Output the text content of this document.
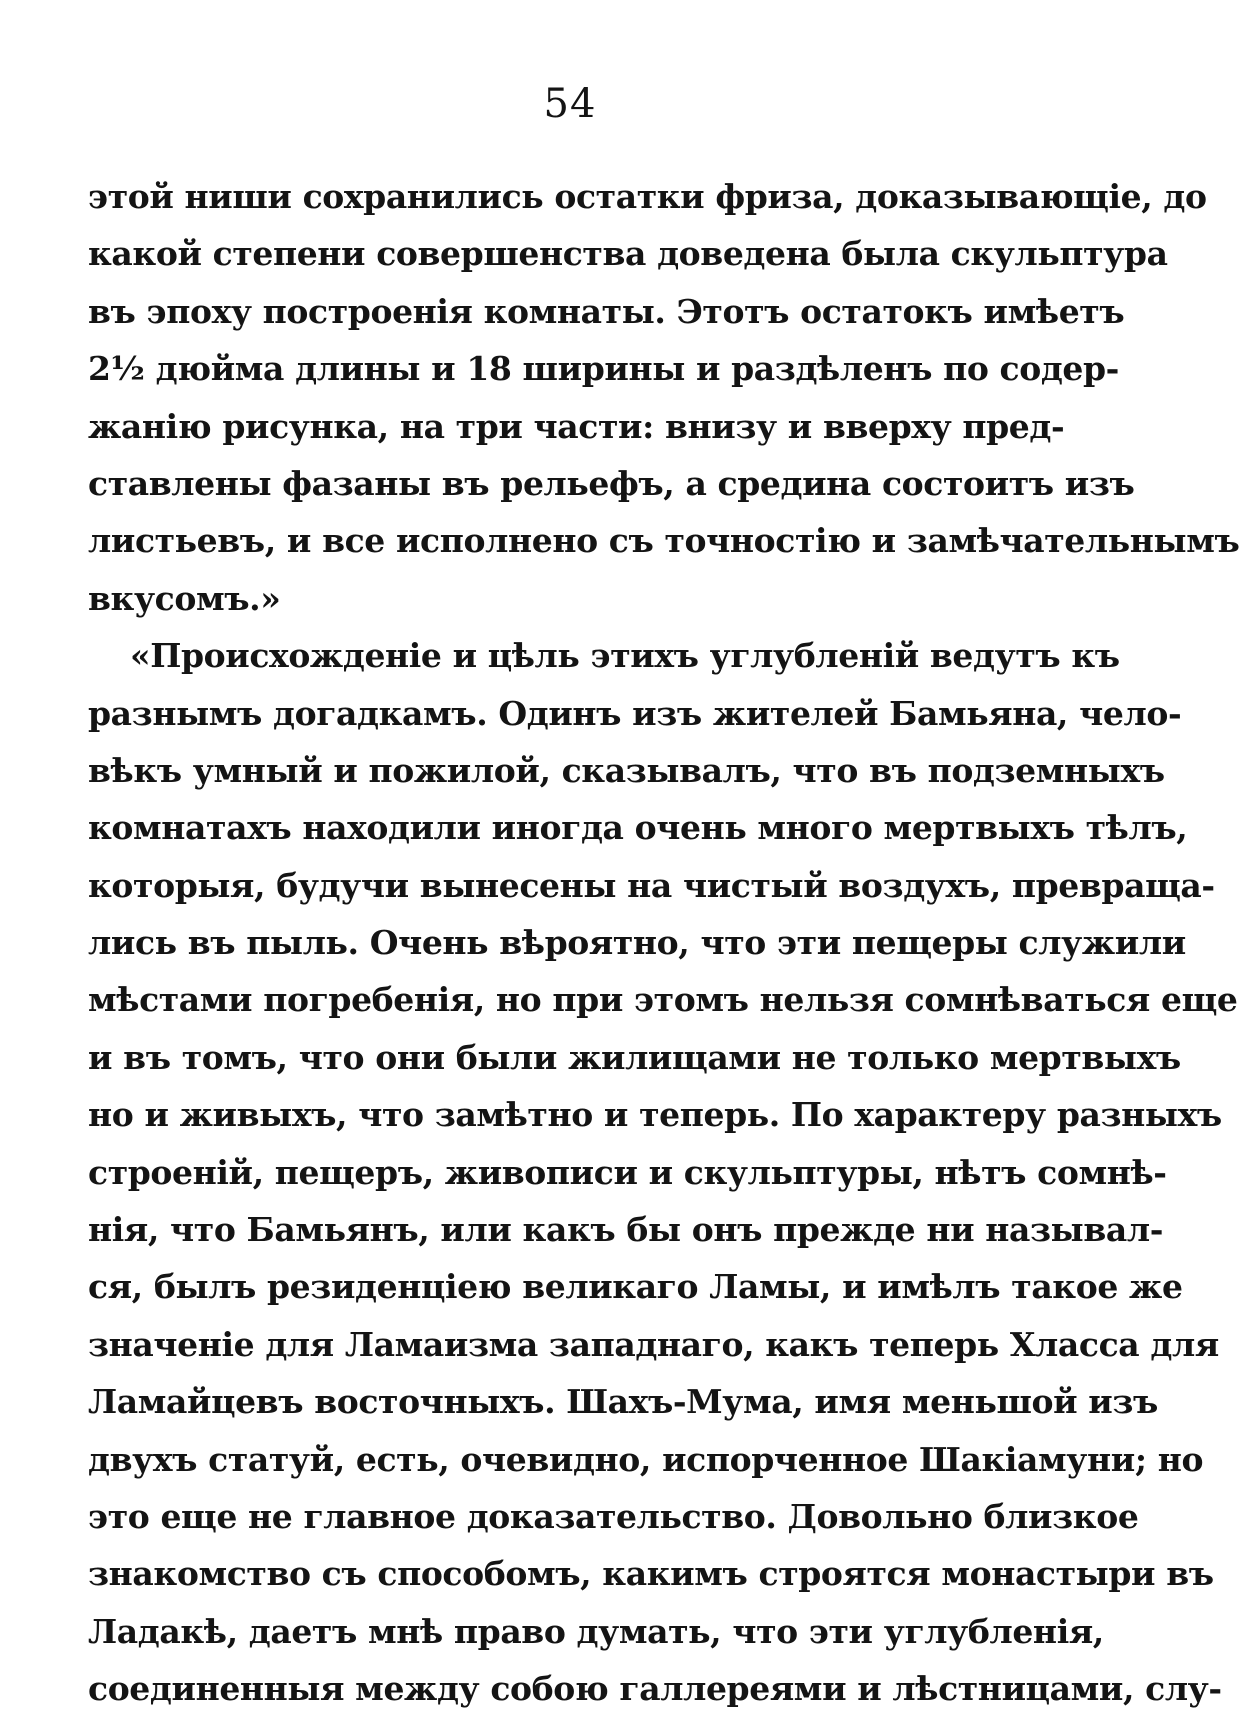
54
этой ниши сохранились остатки фриза, доказывающіе, до
какой степени совершенства доведена была скульптура
въ эпоху построенія комнаты. Этотъ остатокъ имѣетъ
2½ дюйма длины и 18 ширины и раздѣленъ по содер-
жанію рисунка, на три части: внизу и вверху пред-
ставлены фазаны въ рельефъ, а средина состоитъ изъ
листьевъ, и все исполнено съ точностію и замѣчательнымъ
вкусомъ.»
«Происхожденіе и цѣль этихъ углубленій ведутъ къ
разнымъ догадкамъ. Одинъ изъ жителей Бамьяна, чело-
вѣкъ умный и пожилой, сказывалъ, что въ подземныхъ
комнатахъ находили иногда очень много мертвыхъ тѣлъ,
которыя, будучи вынесены на чистый воздухъ, превраща-
лись въ пыль. Очень вѣроятно, что эти пещеры служили
мѣстами погребенія, но при этомъ нельзя сомнѣваться еще
и въ томъ, что они были жилищами не только мертвыхъ
но и живыхъ, что замѣтно и теперь. По характеру разныхъ
строеній, пещеръ, живописи и скульптуры, нѣтъ сомнѣ-
нія, что Бамьянъ, или какъ бы онъ прежде ни называл-
ся, былъ резиденціею великаго Ламы, и имѣлъ такое же
значеніе для Ламаизма западнаго, какъ теперь Хласса для
Ламайцевъ восточныхъ. Шахъ-Мума, имя меньшой изъ
двухъ статуй, есть, очевидно, испорченное Шакіамуни; но
это еще не главное доказательство. Довольно близкое
знакомство съ способомъ, какимъ строятся монастыри въ
Ладакѣ, даетъ мнѣ право думать, что эти углубленія,
соединенныя между собою галлереями и лѣстницами, слу-
